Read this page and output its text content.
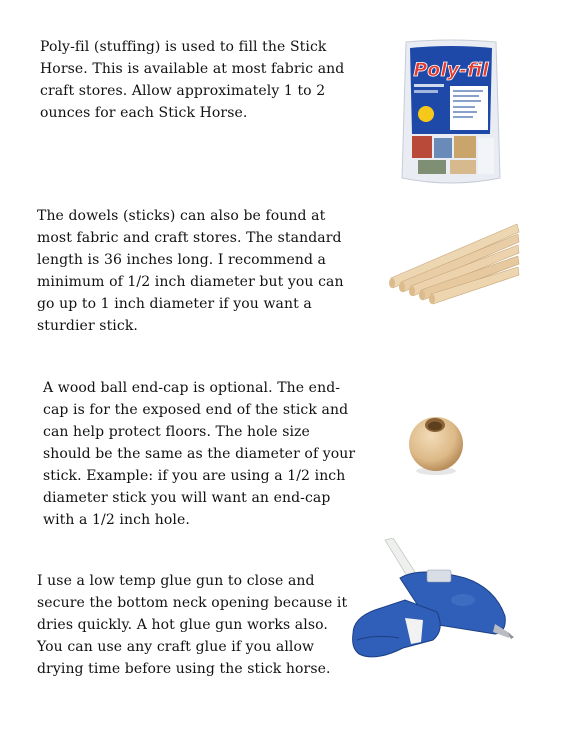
Poly-fil (stuffing) is used to fill the Stick
Horse. This is available at most fabric and
craft stores. Allow approximately 1 to 2
ounces for each Stick Horse.

The dowels (sticks) can also be found at
most fabric and craft stores. The standard
length is 36 inches long. I recommend a
minimum of 1/2 inch diameter but you can
go up to 1 inch diameter if you want a
sturdier stick.

A wood ball end-cap is optional. The end-
cap is for the exposed end of the stick and
can help protect floors. The hole size
should be the same as the diameter of your
stick. Example: if you are using a 1/2 inch
diameter stick you will want an end-cap
with a 1/2 inch hole.

I use a low temp glue gun to close and
secure the bottom neck opening because it
dries quickly. A hot glue gun works also.
You can use any craft glue if you allow
drying time before using the stick horse.

Poly-fil
